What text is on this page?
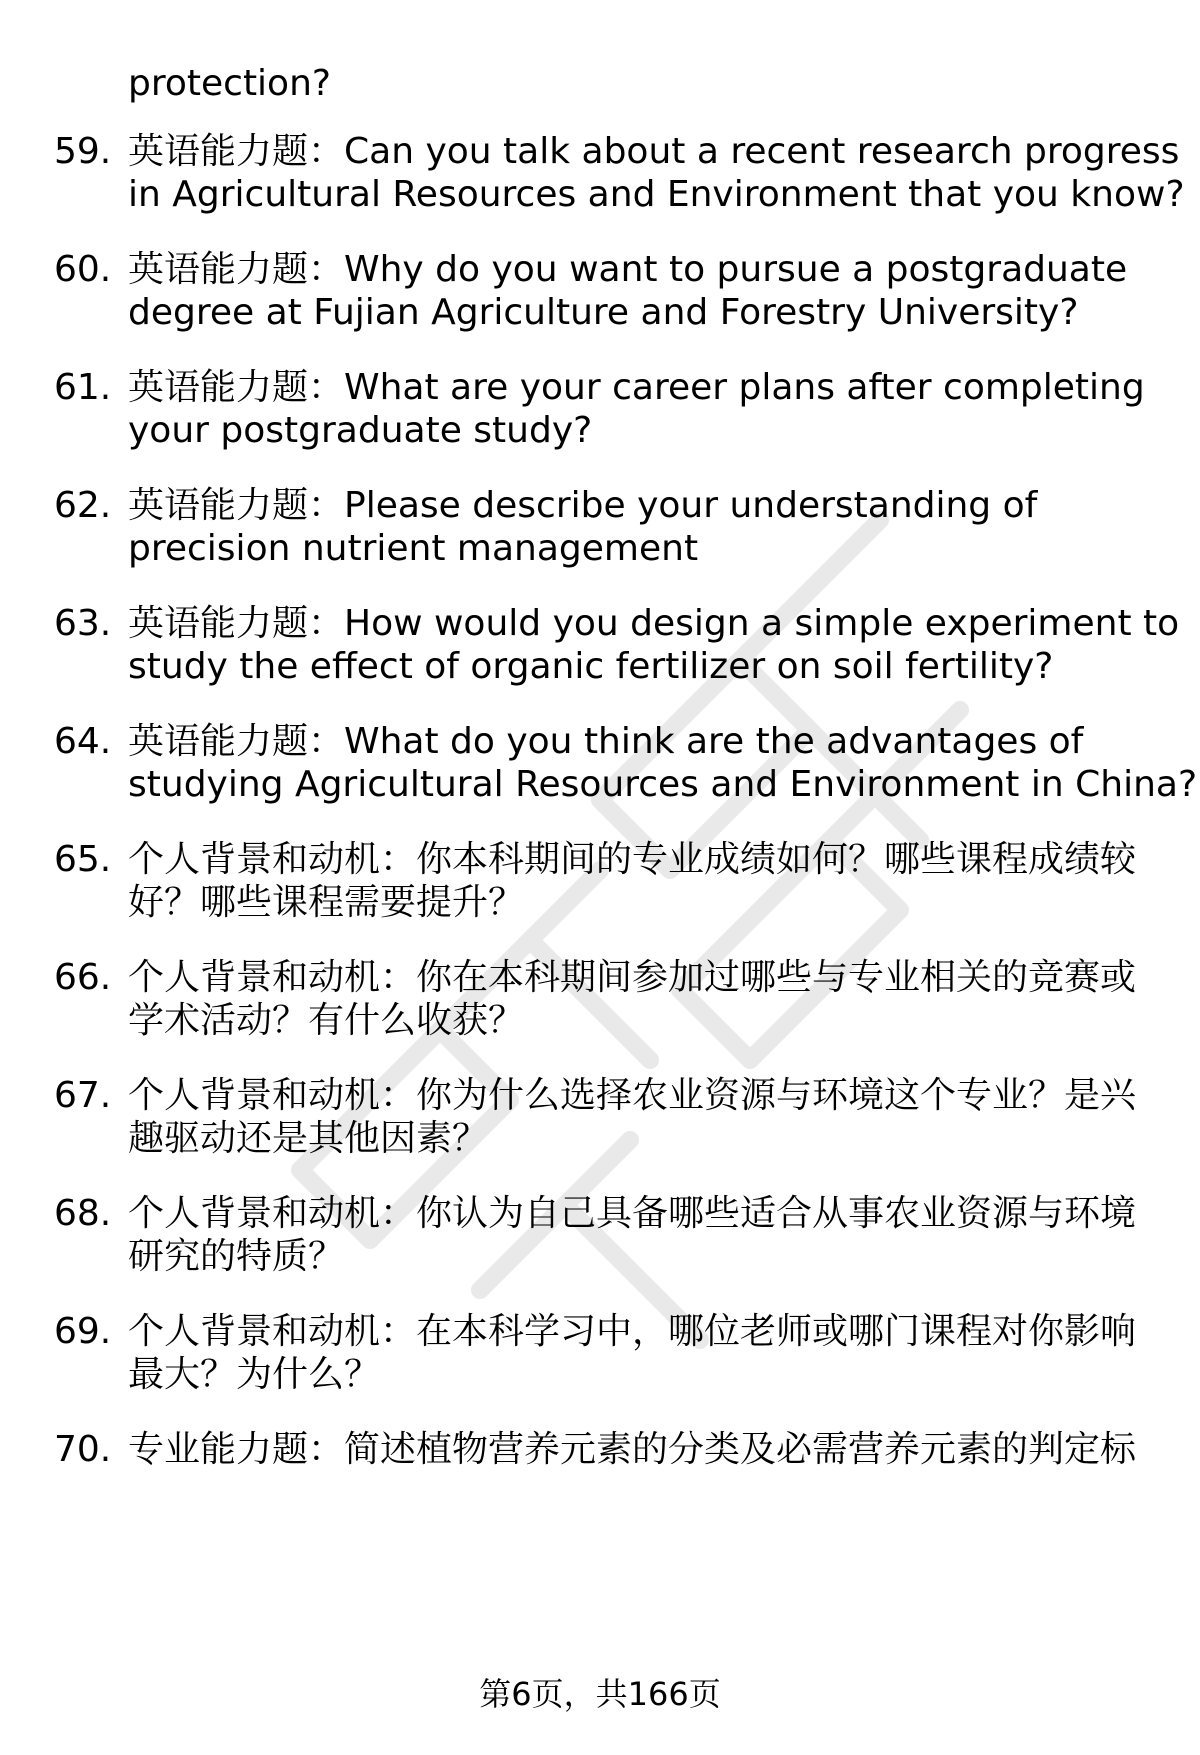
protection?
59. 英语能力题：Can you talk about a recent research progress
in Agricultural Resources and Environment that you know?
60. 英语能力题：Why do you want to pursue a postgraduate
degree at Fujian Agriculture and Forestry University?
61. 英语能力题：What are your career plans after completing
your postgraduate study?
62. 英语能力题：Please describe your understanding of
precision nutrient management
63. 英语能力题：How would you design a simple experiment to
study the effect of organic fertilizer on soil fertility?
64. 英语能力题：What do you think are the advantages of
studying Agricultural Resources and Environment in China?
65. 个人背景和动机：你本科期间的专业成绩如何？哪些课程成绩较
好？哪些课程需要提升？
66. 个人背景和动机：你在本科期间参加过哪些与专业相关的竞赛或
学术活动？有什么收获？
67. 个人背景和动机：你为什么选择农业资源与环境这个专业？是兴
趣驱动还是其他因素？
68. 个人背景和动机：你认为自己具备哪些适合从事农业资源与环境
研究的特质？
69. 个人背景和动机：在本科学习中，哪位老师或哪门课程对你影响
最大？为什么？
70. 专业能力题：简述植物营养元素的分类及必需营养元素的判定标
第6页，共166页
